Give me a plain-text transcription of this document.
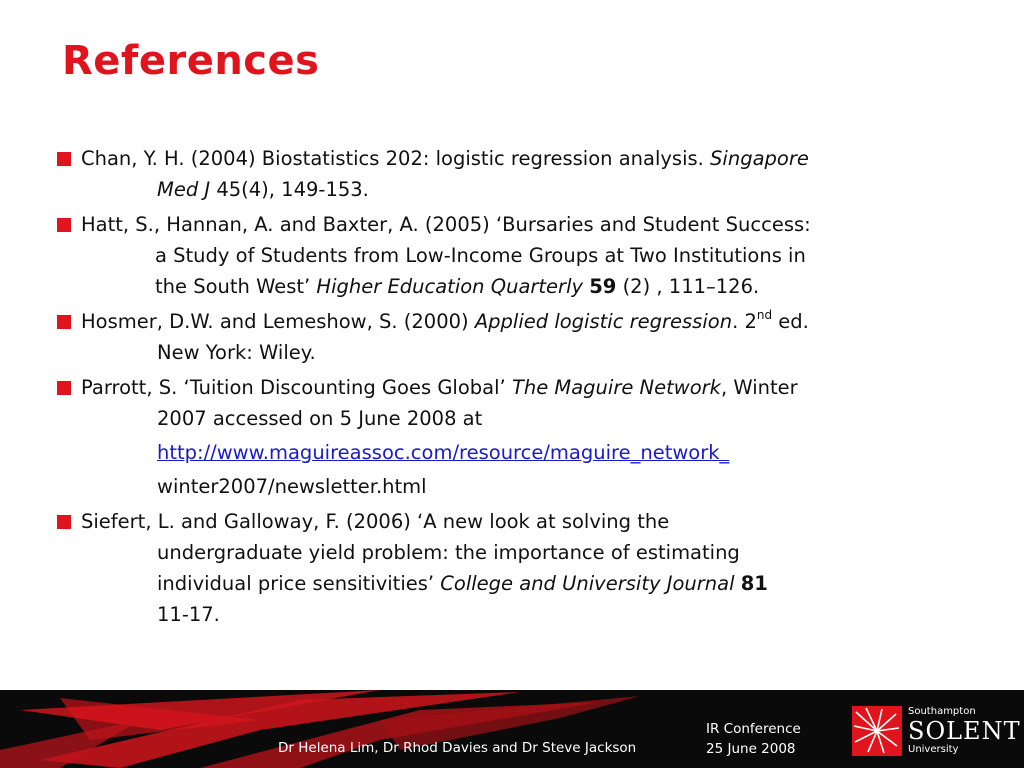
References
Chan, Y. H. (2004) Biostatistics 202: logistic regression analysis. Singapore
Med J 45(4), 149-153.
Hatt, S., Hannan, A. and Baxter, A. (2005) ‘Bursaries and Student Success:
a Study of Students from Low-Income Groups at Two Institutions in
the South West’ Higher Education Quarterly 59 (2) , 111–126.
Hosmer, D.W. and Lemeshow, S. (2000) Applied logistic regression. 2nd ed.
New York: Wiley.
Parrott, S. ‘Tuition Discounting Goes Global’ The Maguire Network, Winter
2007 accessed on 5 June 2008 at
http://www.maguireassoc.com/resource/maguire_network_
winter2007/newsletter.html
Siefert, L. and Galloway, F. (2006) ‘A new look at solving the
undergraduate yield problem: the importance of estimating
individual price sensitivities’ College and University Journal 81
11-17.
Dr Helena Lim, Dr Rhod Davies and Dr Steve Jackson
IR Conference
25 June 2008
Southampton
SOLENT
University
